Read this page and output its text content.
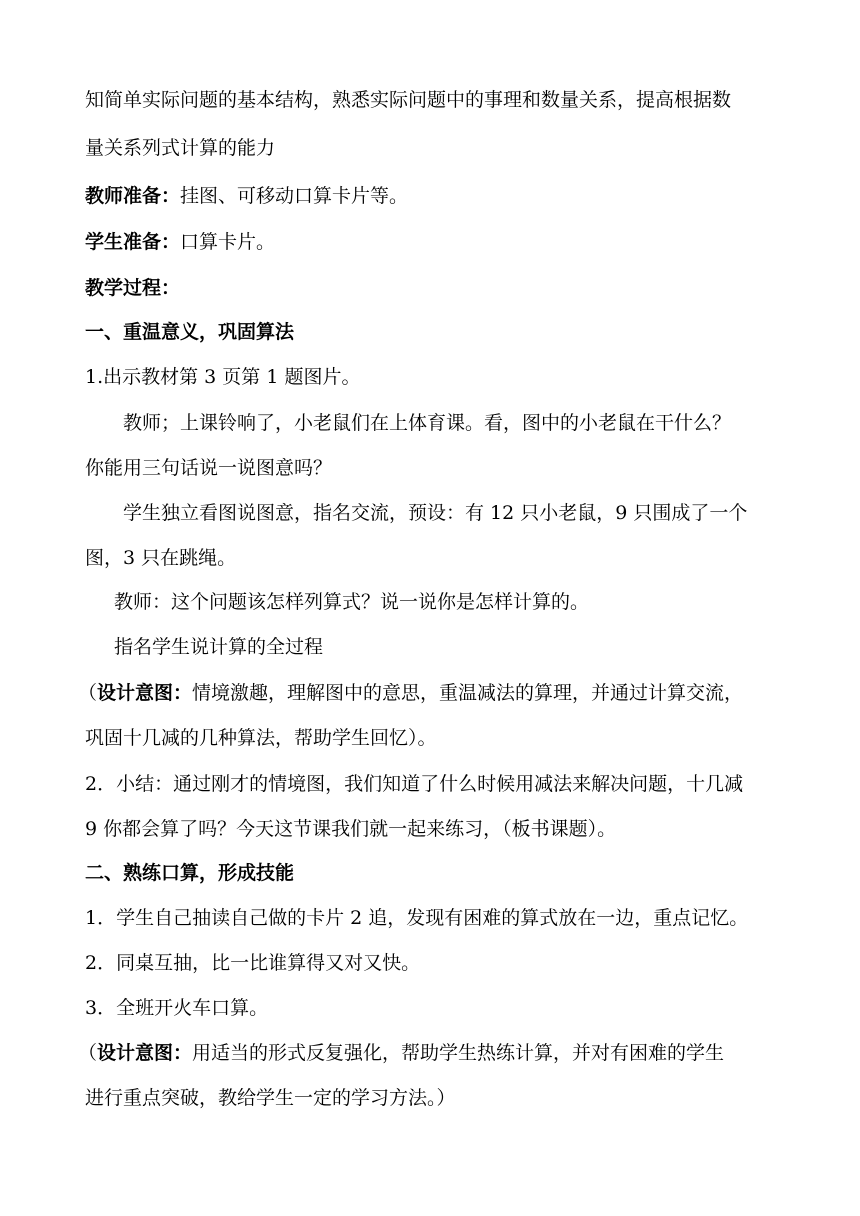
知简单实际问题的基本结构，熟悉实际问题中的事理和数量关系，提高根据数
量关系列式计算的能力
教师准备：挂图、可移动口算卡片等。
学生准备：口算卡片。
教学过程：
一、重温意义，巩固算法
1.出示教材第 3 页第 1 题图片。
教师；上课铃响了，小老鼠们在上体育课。看，图中的小老鼠在干什么？
你能用三句话说一说图意吗？
学生独立看图说图意，指名交流，预设：有 12 只小老鼠，9 只围成了一个
图，3 只在跳绳。
教师：这个问题该怎样列算式？说一说你是怎样计算的。
指名学生说计算的全过程
（设计意图：情境激趣，理解图中的意思，重温减法的算理，并通过计算交流，
巩固十几减的几种算法，帮助学生回忆）。
2．小结：通过刚才的情境图，我们知道了什么时候用减法来解决问题，十几减
9 你都会算了吗？今天这节课我们就一起来练习，（板书课题）。
二、熟练口算，形成技能
1．学生自己抽读自己做的卡片 2 追，发现有困难的算式放在一边，重点记忆。
2．同桌互抽，比一比谁算得又对又快。
3．全班开火车口算。
（设计意图：用适当的形式反复强化，帮助学生热练计算，并对有困难的学生
进行重点突破，教给学生一定的学习方法。）
